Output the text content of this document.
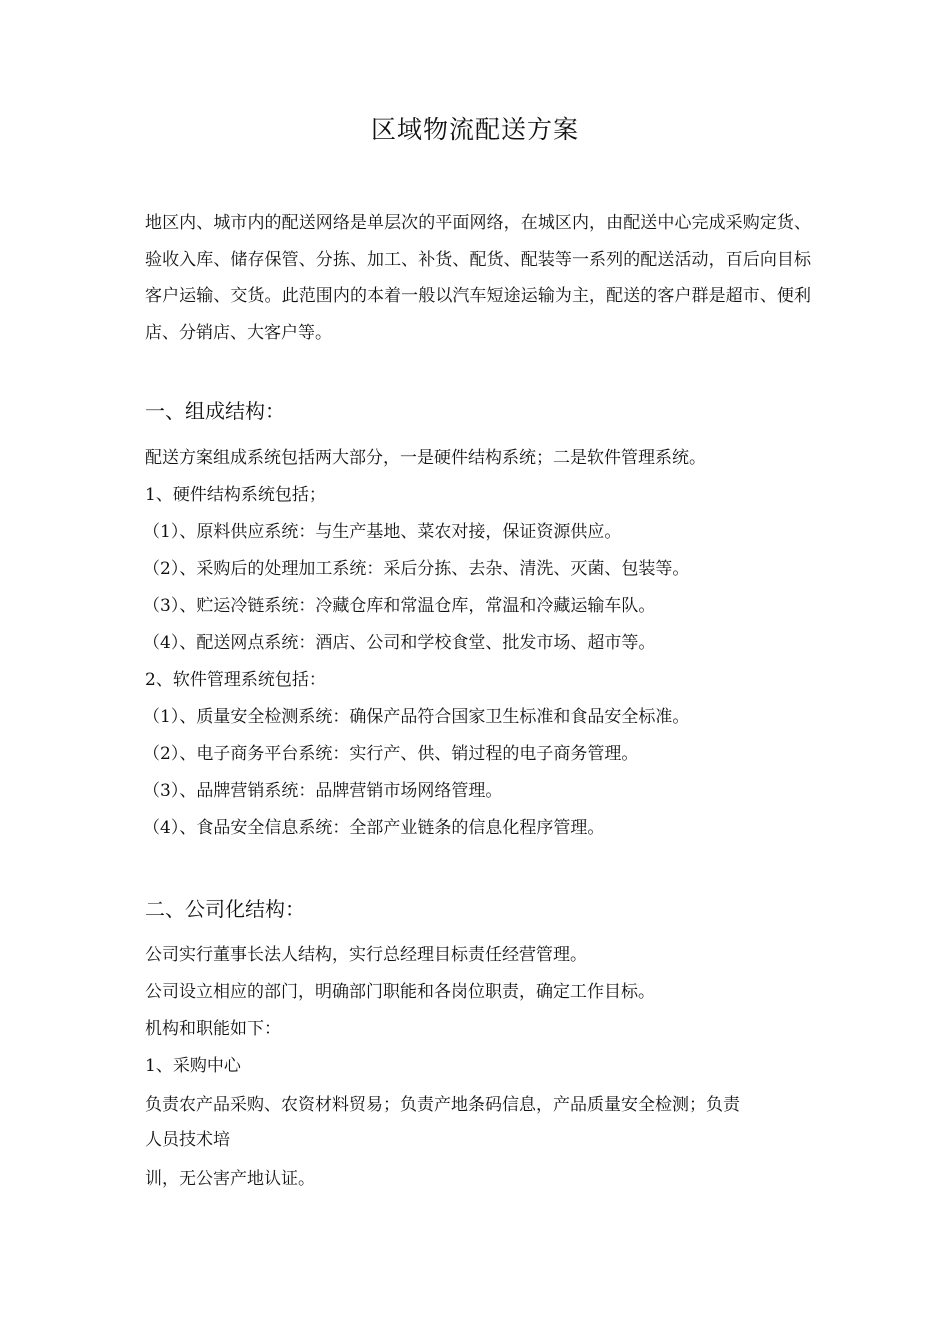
区域物流配送方案

地区内、城市内的配送网络是单层次的平面网络，在城区内，由配送中心完成采购定货、验收入库、储存保管、分拣、加工、补货、配货、配装等一系列的配送活动，百后向目标客户运输、交货。此范围内的本着一般以汽车短途运输为主，配送的客户群是超市、便利店、分销店、大客户等。

一、组成结构：
配送方案组成系统包括两大部分，一是硬件结构系统；二是软件管理系统。
1、硬件结构系统包括；
（1）、原料供应系统：与生产基地、菜农对接，保证资源供应。
（2）、采购后的处理加工系统：采后分拣、去杂、清洗、灭菌、包装等。
（3）、贮运冷链系统：冷藏仓库和常温仓库，常温和冷藏运输车队。
（4）、配送网点系统：酒店、公司和学校食堂、批发市场、超市等。
2、软件管理系统包括：
（1）、质量安全检测系统：确保产品符合国家卫生标准和食品安全标准。
（2）、电子商务平台系统：实行产、供、销过程的电子商务管理。
（3）、品牌营销系统：品牌营销市场网络管理。
（4）、食品安全信息系统：全部产业链条的信息化程序管理。
二、公司化结构：
公司实行董事长法人结构，实行总经理目标责任经营管理。
公司设立相应的部门，明确部门职能和各岗位职责，确定工作目标。
机构和职能如下：
1、采购中心
负责农产品采购、农资材料贸易；负责产地条码信息，产品质量安全检测；负责
人员技术培
训，无公害产地认证。
